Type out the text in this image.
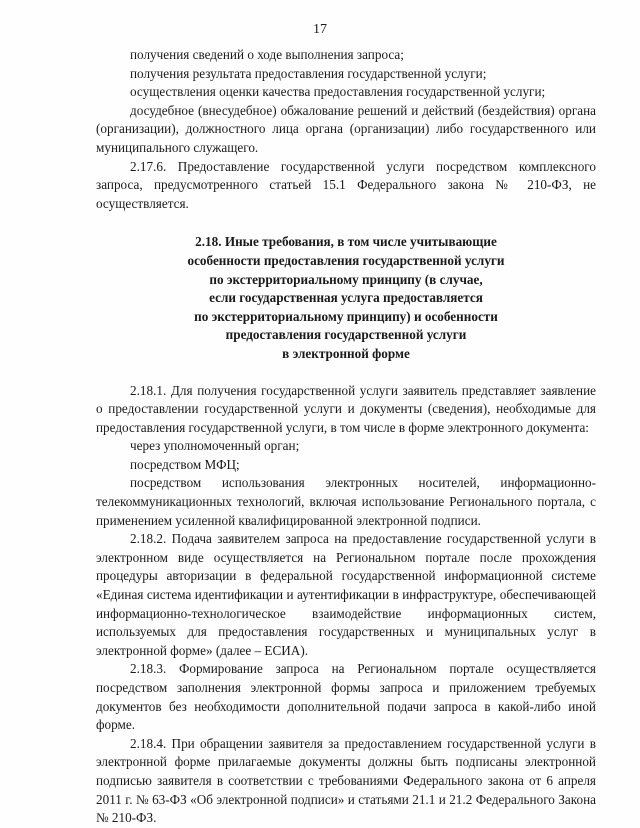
17

получения сведений о ходе выполнения запроса;

получения результата предоставления государственной услуги;

осуществления оценки качества предоставления государственной услуги;

досудебное (внесудебное) обжалование решений и действий (бездействия) органа (организации), должностного лица органа (организации) либо государственного или муниципального служащего.

2.17.6. Предоставление государственной услуги посредством комплексного запроса, предусмотренного статьей 15.1 Федерального закона № 210-ФЗ, не осуществляется.

2.18. Иные требования, в том числе учитывающие
особенности предоставления государственной услуги
по экстерриториальному принципу (в случае,
если государственная услуга предоставляется
по экстерриториальному принципу) и особенности
предоставления государственной услуги
в электронной форме

2.18.1. Для получения государственной услуги заявитель представляет заявление о предоставлении государственной услуги и документы (сведения), необходимые для предоставления государственной услуги, в том числе в форме электронного документа:

через уполномоченный орган;

посредством МФЦ;

посредством использования электронных носителей, информационно-телекоммуникационных технологий, включая использование Регионального портала, с применением усиленной квалифицированной электронной подписи.

2.18.2. Подача заявителем запроса на предоставление государственной услуги в электронном виде осуществляется на Региональном портале после прохождения процедуры авторизации в федеральной государственной информационной системе «Единая система идентификации и аутентификации в инфраструктуре, обеспечивающей информационно-технологическое взаимодействие информационных систем, используемых для предоставления государственных и муниципальных услуг в электронной форме» (далее – ЕСИА).

2.18.3. Формирование запроса на Региональном портале осуществляется посредством заполнения электронной формы запроса и приложением требуемых документов без необходимости дополнительной подачи запроса в какой-либо иной форме.

2.18.4. При обращении заявителя за предоставлением государственной услуги в электронной форме прилагаемые документы должны быть подписаны электронной подписью заявителя в соответствии с требованиями Федерального закона от 6 апреля 2011 г. № 63-ФЗ «Об электронной подписи» и статьями 21.1 и 21.2 Федерального Закона № 210-ФЗ.
